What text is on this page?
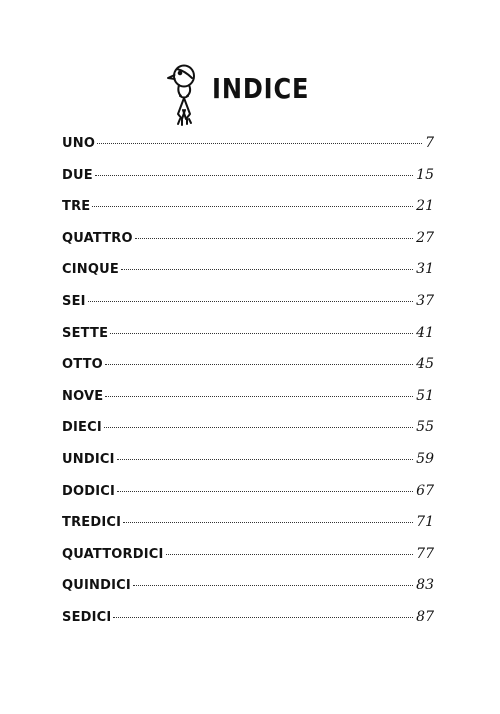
INDICE
UNO	7
DUE	15
TRE	21
QUATTRO	27
CINQUE	31
SEI	37
SETTE	41
OTTO	45
NOVE	51
DIECI	55
UNDICI	59
DODICI	67
TREDICI	71
QUATTORDICI	77
QUINDICI	83
SEDICI	87
